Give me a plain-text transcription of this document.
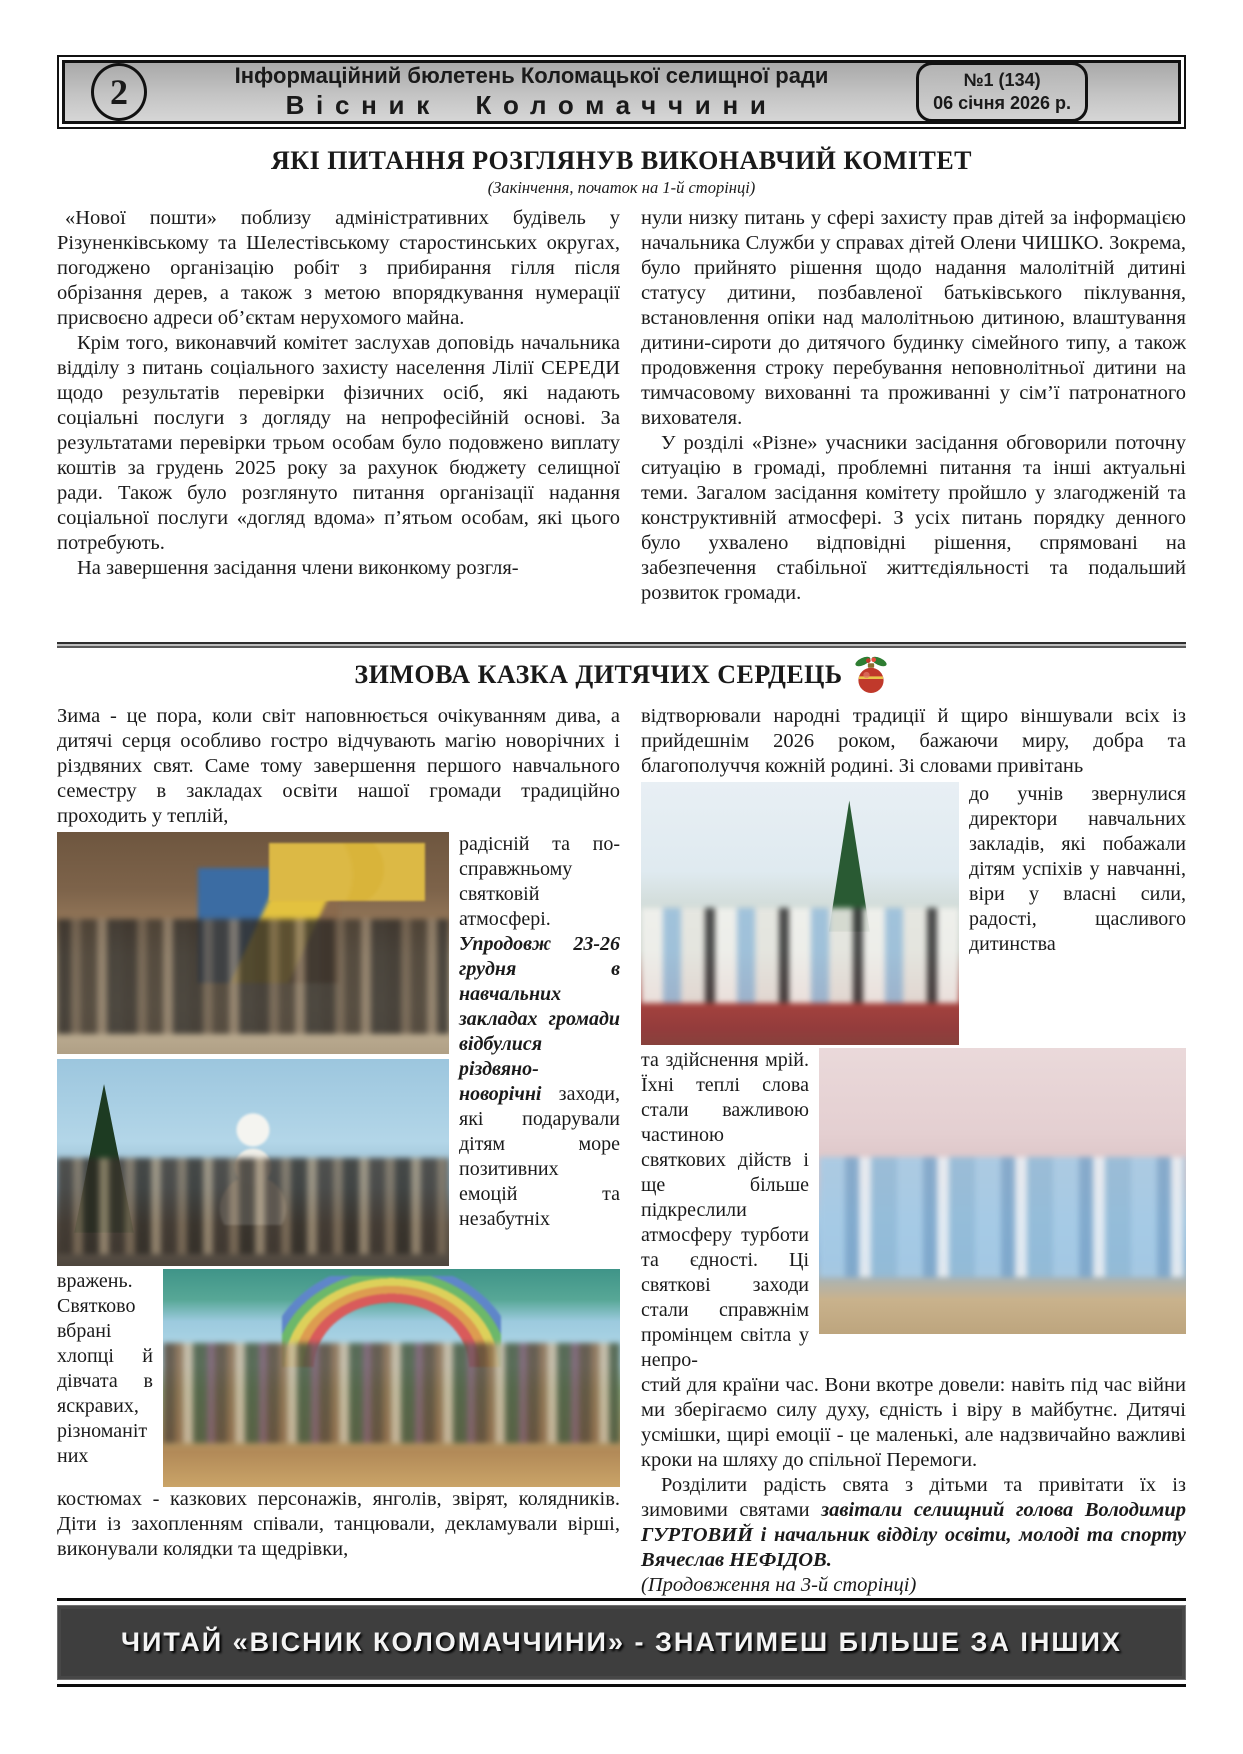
2	Інформаційний бюлетень Коломацької селищної ради
Вісник Коломаччини
№1 (134)
06 січня 2026 р.
ЯКІ ПИТАННЯ РОЗГЛЯНУВ ВИКОНАВЧИЙ КОМІТЕТ
(Закінчення, початок на 1-й сторінці)

«Нової пошти» поблизу адміністративних будівель у Різуненківському та Шелестівському старостинських округах, погоджено організацію робіт з прибирання гілля після обрізання дерев, а також з метою впорядкування нумерації присвоєно адреси об’єктам нерухомого майна.

Крім того, виконавчий комітет заслухав доповідь начальника відділу з питань соціального захисту населення Лілії СЕРЕДИ щодо результатів перевірки фізичних осіб, які надають соціальні послуги з догляду на непрофесійній основі. За результатами перевірки трьом особам було подовжено виплату коштів за грудень 2025 року за рахунок бюджету селищної ради. Також було розглянуто питання організації надання соціальної послуги «догляд вдома» п’ятьом особам, які цього потребують.

На завершення засідання члени виконкому розгля-

нули низку питань у сфері захисту прав дітей за інформацією начальника Служби у справах дітей Олени ЧИШКО. Зокрема, було прийнято рішення щодо надання малолітній дитині статусу дитини, позбавленої батьківського піклування, встановлення опіки над малолітньою дитиною, влаштування дитини-сироти до дитячого будинку сімейного типу, а також продовження строку перебування неповнолітньої дитини на тимчасовому вихованні та проживанні у сім’ї патронатного вихователя.

У розділі «Різне» учасники засідання обговорили поточну ситуацію в громаді, проблемні питання та інші актуальні теми. Загалом засідання комітету пройшло у злагодженій та конструктивній атмосфері. З усіх питань порядку денного було ухвалено відповідні рішення, спрямовані на забезпечення стабільної життєдіяльності та подальший розвиток громади.

ЗИМОВА КАЗКА ДИТЯЧИХ СЕРДЕЦЬ

Зима - це пора, коли світ наповнюється очікуванням дива, а дитячі серця особливо гостро відчувають магію новорічних і різдвяних свят. Саме тому завершення першого навчального семестру в закладах освіти нашої громади традиційно проходить у теплій,

радісній та по-справжньому святковій атмосфері. Упродовж 23-26 грудня в навчальних закладах громади відбулися різдвяно-новорічні заходи, які подарували дітям море позитивних емоцій та незабутніх

вражень. Святково вбрані хлопці й дівчата в яскравих, різноманітних

костюмах - казкових персонажів, янголів, звірят, колядників. Діти із захопленням співали, танцювали, декламували вірші, виконували колядки та щедрівки,

відтворювали народні традиції й щиро віншували всіх із прийдешнім 2026 роком, бажаючи миру, добра та благополуччя кожній родині. Зі словами привітань

до учнів звернулися директори навчальних закладів, які побажали дітям успіхів у навчанні, віри у власні сили, радості, щасливого дитинства

та здійснення мрій. Їхні теплі слова стали важливою частиною святкових дійств і ще більше підкреслили атмосферу турботи та єдності. Ці святкові заходи стали справжнім промінцем світла у непро-

стий для країни час. Вони вкотре довели: навіть під час війни ми зберігаємо силу духу, єдність і віру в майбутнє. Дитячі усмішки, щирі емоції - це маленькі, але надзвичайно важливі кроки на шляху до спільної Перемоги.

Розділити радість свята з дітьми та привітати їх із зимовими святами завітали селищний голова Володимир ГУРТОВИЙ і начальник відділу освіти, молоді та спорту Вячеслав НЕФІДОВ.

(Продовження на 3-й сторінці)

ЧИТАЙ «ВІСНИК КОЛОМАЧЧИНИ» - ЗНАТИМЕШ БІЛЬШЕ ЗА ІНШИХ
